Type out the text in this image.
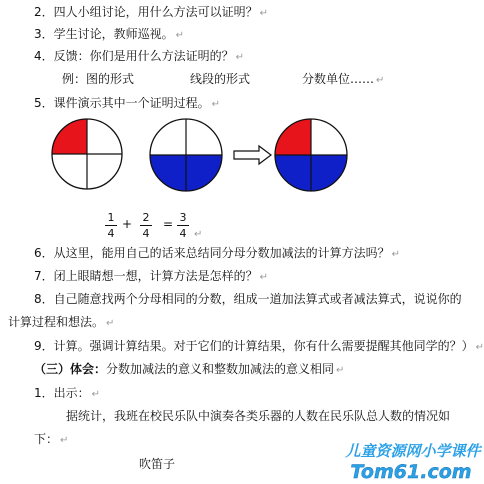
2．四人小组讨论，用什么方法可以证明？ ↵
3．学生讨论，教师巡视。 ↵
4．反馈：你们是用什么方法证明的？ ↵
例：图的形式	线段的形式	分数单位…… ↵
5．课件演示其中一个证明过程。 ↵
1
4
+ 2
4
= 3
4 ↵
6．从这里，能用自己的话来总结同分母分数加减法的计算方法吗？ ↵
7．闭上眼睛想一想，计算方法是怎样的？ ↵
8．自己随意找两个分母相同的分数，组成一道加法算式或者减法算式，说说你的
计算过程和想法。 ↵
9．计算。强调计算结果。对于它们的计算结果，你有什么需要提醒其他同学的？） ↵
（三）体会：分数加减法的意义和整数加减法的意义相同 ↵
1．出示： ↵
据统计，我班在校民乐队中演奏各类乐器的人数在民乐队总人数的情况如
下： ↵
吹笛子
儿童资源网小学课件
Tom61.com
